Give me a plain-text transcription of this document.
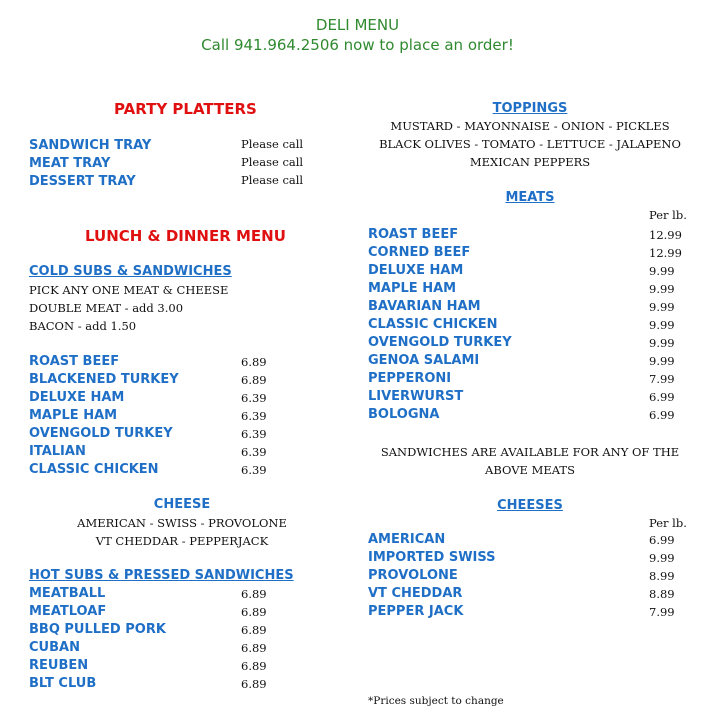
DELI MENU
Call 941.964.2506 now to place an order!
PARTY PLATTERS
SANDWICH TRAY
MEAT TRAY
DESSERT TRAY
Please call
Please call
Please call
LUNCH & DINNER MENU
COLD SUBS & SANDWICHES
PICK ANY ONE MEAT & CHEESE
DOUBLE MEAT - add 3.00
BACON - add 1.50
ROAST BEEF
BLACKENED TURKEY
DELUXE HAM
MAPLE HAM
OVENGOLD TURKEY
ITALIAN
CLASSIC CHICKEN
6.89
6.89
6.39
6.39
6.39
6.39
6.39
CHEESE
AMERICAN - SWISS - PROVOLONE
VT CHEDDAR - PEPPERJACK
HOT SUBS & PRESSED SANDWICHES
MEATBALL
MEATLOAF
BBQ PULLED PORK
CUBAN
REUBEN
BLT CLUB
6.89
6.89
6.89
6.89
6.89
6.89
TOPPINGS
MUSTARD - MAYONNAISE - ONION - PICKLES
BLACK OLIVES - TOMATO - LETTUCE - JALAPENO
MEXICAN PEPPERS
MEATS
Per lb.
ROAST BEEF
CORNED BEEF
DELUXE HAM
MAPLE HAM
BAVARIAN HAM
CLASSIC CHICKEN
OVENGOLD TURKEY
GENOA SALAMI
PEPPERONI
LIVERWURST
BOLOGNA
12.99
12.99
9.99
9.99
9.99
9.99
9.99
9.99
7.99
6.99
6.99
SANDWICHES ARE AVAILABLE FOR ANY OF THE
ABOVE MEATS
CHEESES
Per lb.
AMERICAN
IMPORTED SWISS
PROVOLONE
VT CHEDDAR
PEPPER JACK
6.99
9.99
8.99
8.89
7.99
*Prices subject to change
